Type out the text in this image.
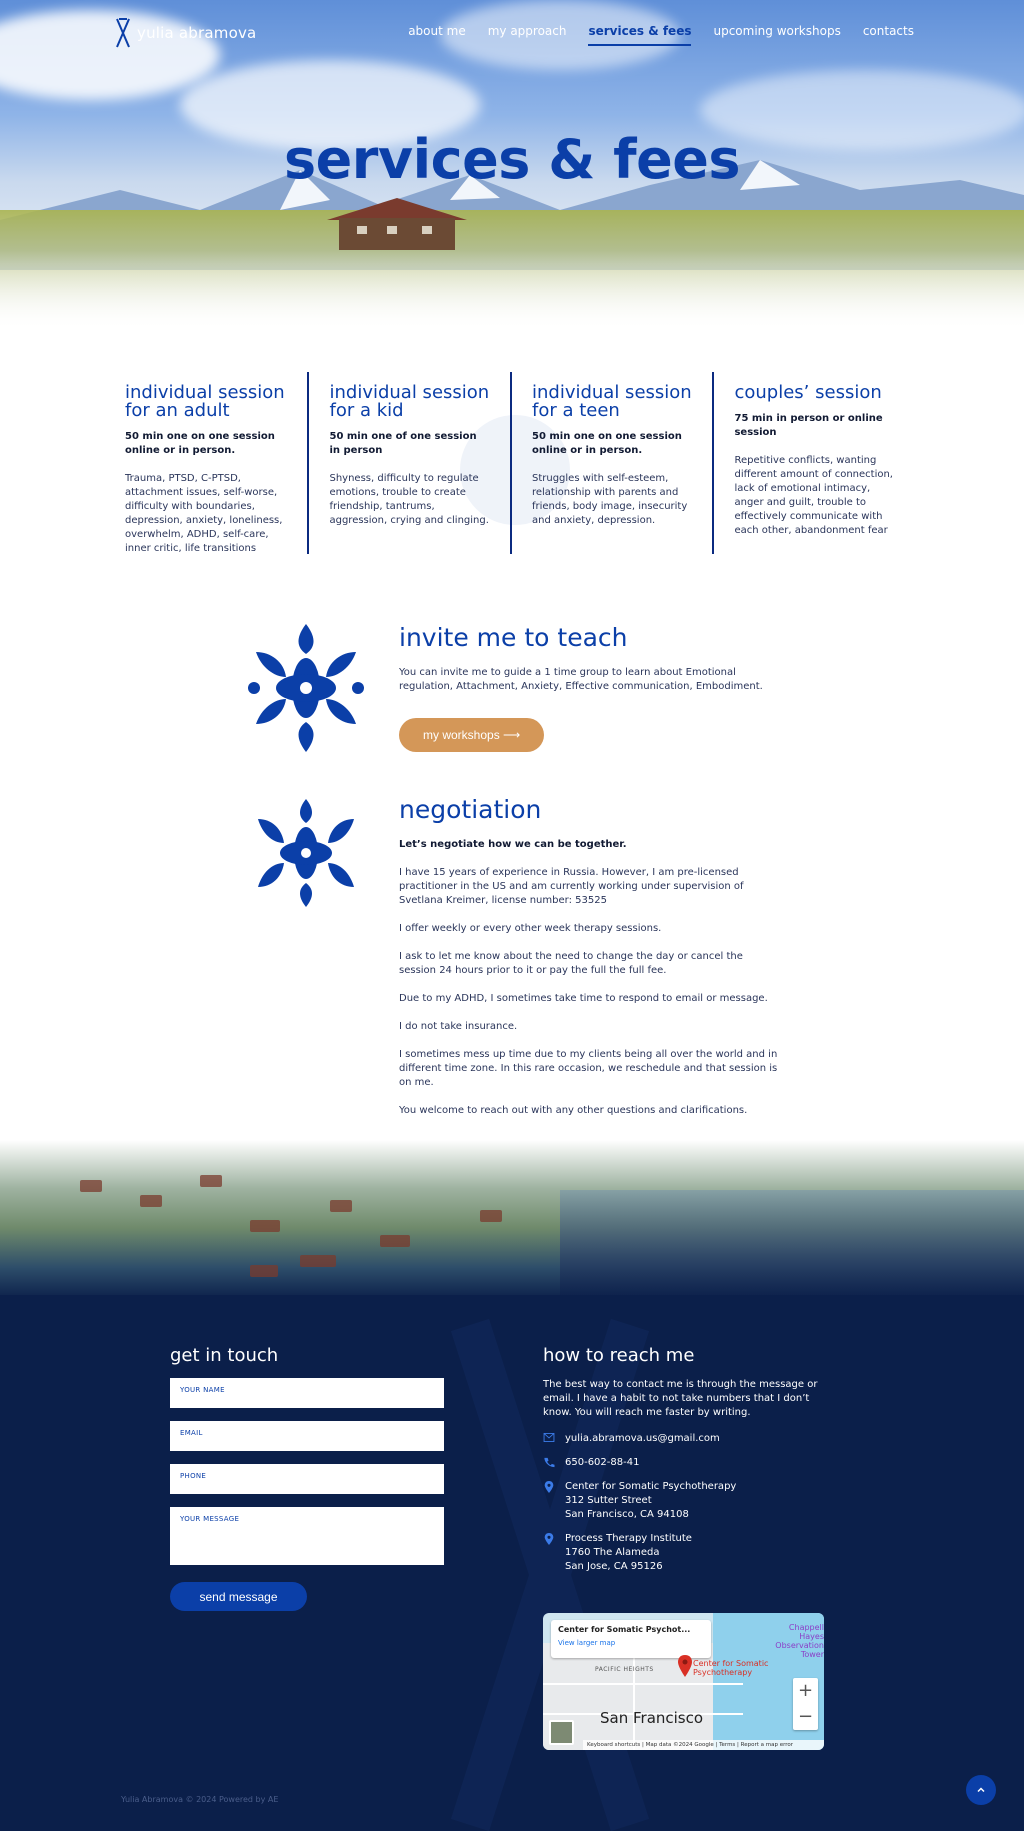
yulia abramova	about me my approach services & fees upcoming workshops contacts
services & fees
individual session for an adult

50 min one on one session online or in person.

Trauma, PTSD, C-PTSD, attachment issues, self-worse, difficulty with boundaries, depression, anxiety, loneliness, overwhelm, ADHD, self-care, inner critic, life transitions

individual session for a kid

50 min one of one session in person

Shyness, difficulty to regulate emotions, trouble to create friendship, tantrums, aggression, crying and clinging.

individual session for a teen

50 min one on one session online or in person.

Struggles with self-esteem, relationship with parents and friends, body image, insecurity and anxiety, depression.

couples’ session

75 min in person or online session

Repetitive conflicts, wanting different amount of connection, lack of emotional intimacy, anger and guilt, trouble to effectively communicate with each other, abandonment fear

invite me to teach

You can invite me to guide a 1 time group to learn about Emotional regulation, Attachment, Anxiety, Effective communication, Embodiment.

my workshops ⟶
negotiation

Let’s negotiate how we can be together.

I have 15 years of experience in Russia. However, I am pre-licensed practitioner in the US and am currently working under supervision of Svetlana Kreimer, license number: 53525

I offer weekly or every other week therapy sessions.

I ask to let me know about the need to change the day or cancel the session 24 hours prior to it or pay the full the full fee.

Due to my ADHD, I sometimes take time to respond to email or message.

I do not take insurance.

I sometimes mess up time due to my clients being all over the world and in different time zone. In this rare occasion, we reschedule and that session is on me.

You welcome to reach out with any other questions and clarifications.

get in touch
YOUR NAME
EMAIL
PHONE
YOUR MESSAGE
send message
how to reach me

The best way to contact me is through the message or email. I have a habit to not take numbers that I don’t know. You will reach me faster by writing.

yulia.abramova.us@gmail.com
650-602-88-41
Center for Somatic Psychotherapy
312 Sutter Street
San Francisco, CA 94108
Process Therapy Institute
1760 The Alameda
San Jose, CA 95126
Center for Somatic Psychot...
View larger map
PACIFIC HEIGHTS
Chappell Hayes Observation Tower
Center for Somatic Psychotherapy
San Francisco
+
−
Keyboard shortcuts | Map data ©2024 Google | Terms | Report a map error
Yulia Abramova © 2024 Powered by AE
